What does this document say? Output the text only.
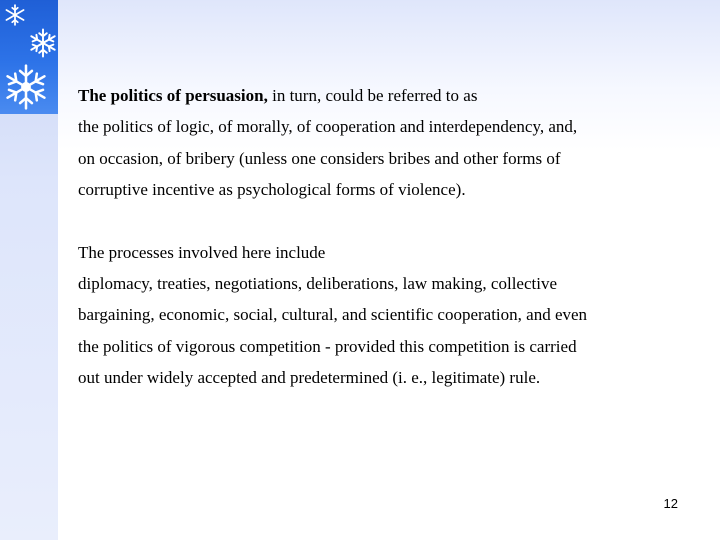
The politics of persuasion, in turn, could be referred to as

the politics of logic, of morally, of cooperation and interdependency, and,

on occasion, of bribery (unless one considers bribes and other forms of

corruptive incentive as psychological forms of violence).

The processes involved here include

diplomacy, treaties, negotiations, deliberations, law making, collective

bargaining, economic, social, cultural, and scientific cooperation, and even

the politics of vigorous competition - provided this competition is carried

out under widely accepted and predetermined (i. e., legitimate) rule.

12
